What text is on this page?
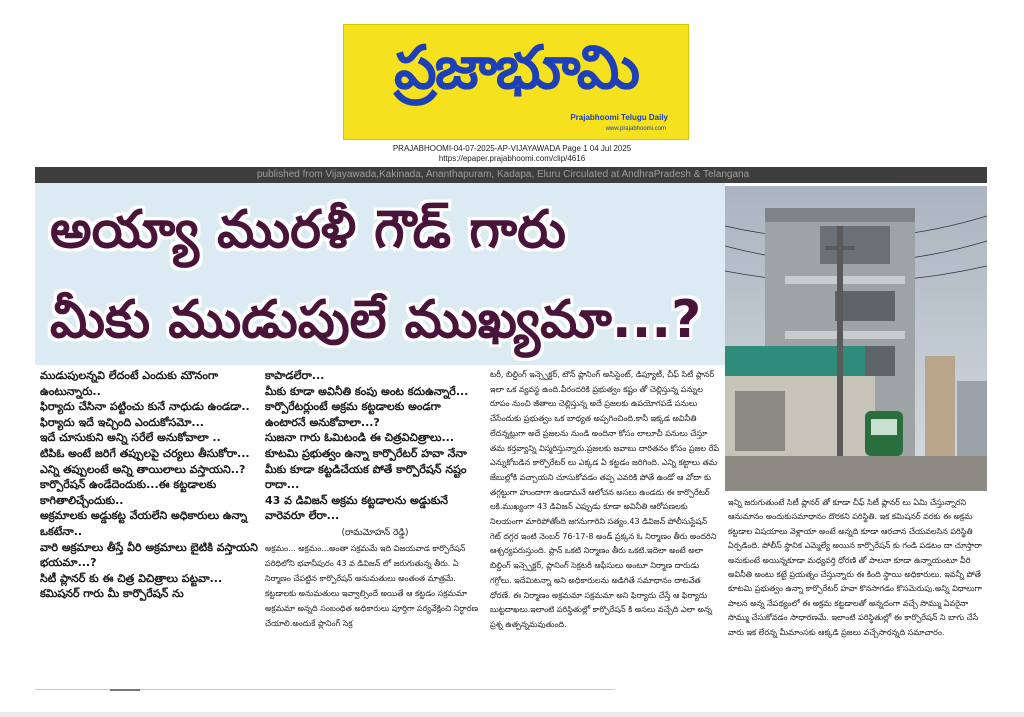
ప్రజాభూమి
Prajabhoomi Telugu Daily
www.prajabhoomi.com
PRAJABHOOMI-04-07-2025-AP-VIJAYAWADA Page 1 04 Jul 2025
https://epaper.prajabhoomi.com/clip/4616
published from Vijayawada,Kakinada, Ananthapuram, Kadapa, Eluru Circulated at AndhraPradesh & Telangana
అయ్యా మురళీ గౌడ్ గారు
మీకు ముడుపులే ముఖ్యమా...?

ముడుపులన్నవి లేదంటే ఎందుకు మౌనంగా ఉంటున్నారు..

ఫిర్యాదు చేసినా పట్టించు కునే నాధుడు ఉండడా..

ఫిర్యాదు ఇదే ఇచ్చింది ఎందుకోసమో...

ఇదే చూసుకుని అన్ని సరేలే అనుకోవాలా ..

టిపిఓ అంటే జరిగే తప్పులపై చర్యలు తీసుకోరా...

ఎన్ని తప్పులంటే అన్ని తాయిలాలు వస్తాయని..?

కార్పొరేషన్ ఉండేదెందుకు...ఈ కట్టడాలకు కాగితాలిచ్చేందుకు..

అక్రమాలకు అడ్డుకట్ట వేయలేని అధికారులు ఉన్నా ఒకటేనా..

వారి అక్రమాలు తీస్తే వీరి అక్రమాలు బైటికి వస్తాయని భయమా...?

సిటీ ప్లానర్ కు ఈ చిత్ర విచిత్రాలు పట్టవా...

కమిషనర్ గారు మీ కార్పొరేషన్ ను

కాపాడలేరా...

మీకు కూడా అవినీతి కంపు అంట కదుఉన్నారే...

కార్పొరేటర్లుంటే అక్రమ కట్టడాలకు అండగా ఉంటారనే అనుకోవాలా...?

సుజనా గారు ఓమిటండి ఈ చిత్రవిచిత్రాలు...

కూటమి ప్రభుత్వం ఉన్నా కార్పొరేటర్ హవా నేనా

మీకు కూడా కట్టడిచేయక పోతే కార్పొరేషన్ నష్టం రాదా...

43 వ డివిజన్ అక్రమ కట్టడాలను అడ్డుకునే వారెవరూ లేరా...

(రామమోహన్ రెడ్డి)

అక్రమం... అక్రమం...అంతా సక్రమమే ఇది విజయవాడ కార్పొరేషన్ పరిధిలోని భవానీపురం 43 వ డివిజన్ లో జరుగుతున్న తీరు. ఏ నిర్మాణం చేపట్టిన కార్పొరేషన్ అనుమతులు అంతంత మాత్రమే. కట్టడాలకు అనుమతులు ఇవ్వాల్సిందే అయితే ఆ కట్టడం సక్రమమా అక్రమమా అన్నది సంబంధిత అధికారులు పూర్తిగా పర్యవేక్షించి నిర్ధారణ చేయాలి.అందుకే ప్లానింగ్ సెక్ర

టరీ, బిల్డింగ్ ఇన్స్పెక్టర్, టౌన్ ప్లానింగ్ అసిస్టెంట్, డిప్యూటీ, చీఫ్ సిటీ ప్లానర్ ఇలా ఒక వ్యవస్థ ఉంది.వీరందరికి ప్రభుత్వం కష్టం తో చెల్లిస్తున్న పన్నుల రూపం నుంచి జీతాలు చెల్లిస్తున్న అదే ప్రజలకు ఉపయోగపడే పనులు చేసేందుకు ప్రభుత్వం ఒక బాధ్యత అప్పగించింది.కానీ ఇక్కడ అవినీతి లేదన్నట్లుగా అదే ప్రజలను నుండి అందినా కోసం లాలూచీ పనులు చేస్తూ తమ కర్తవ్యాన్ని విస్మరిస్తున్నారు.ప్రజలకు జవాబు దారితనం కోసం ప్రజల రేపే ఎన్నుకోబడిన కార్పొరేటర్ లు ఎక్కడ ఏ కట్టడం జరిగింది. ఎన్ని కట్టాలు తమ జేబుల్లోకి వచ్చాయని చూసుకోవడం తప్ప ఎవరికి పోతే ఉండో ఆ వోదా కు తగ్గట్టుగా హుందాగా ఉండామనే ఆలోచన అసలు ఉండదు ఈ కార్పొరేటర్ లకి.ముఖ్యంగా 43 డివిజన్ ఎప్పుడు కూడా అవినీతి ఆరోపణలకు నిలయంగా మారిపోతోంది జగనుగారిని సత్యం.43 డివిజన్ పోలీసుస్టేషన్ గెట్ దగ్గర ఇంటి నెంబర్ 76-17-8 అండ్ ప్రక్కన ఓ నిర్మాణం తీరు అందరిని ఆశ్చర్యపరుస్తుంది. ప్లాన్ ఒకటి నిర్మాణం తీరు ఒకటి.ఇదెలా అంటే అలా బిల్డింగ్ ఇన్స్పెక్టర్, ప్లానింగ్ సెక్రటరీ ఆఫీసులు అంటూ నిర్మాణ దారుడు గగ్గోలు. ఇదేమిటన్నా అని అధికారులను అడిగితే సమాధానం దాటవేత ధోరణే. ఈ నిర్మాణం అక్రమమా సక్రమమా అని ఫిర్యాదు చేస్తే ఆ ఫిర్యాదు బుట్టదాఖలు.ఇలాంటి పరిస్థితుల్లో కార్పొరేషన్ కి అసలు వచ్చేది ఎలా అన్న ప్రశ్న ఉత్పన్నమవుతుంది.

ఇన్ని జరుగుతుంటే సిటీ ప్లానర్ తో కూడా చీఫ్ సిటీ ప్లానర్ లు ఏమి చేస్తున్నారని ఆనుమానం అందుకుసమాధానం దొరకని పరిస్థితి. ఇక కమిషనర్ వరకు ఈ అక్రమ కట్టడాల విషయాలు వెళ్లాయా అంటే అన్నది కూడా ఆరచాన చేయవలసిన పరిస్థితి ఏర్పడింది. పోలీస్ స్థానిక ఎమ్మెల్యే అయిన కార్పొరేషన్ కు గండి పడటం దా చూస్తారా అనుకుంటే అయిన్నకూడా మధ్యవర్తి ధోరణి తో పాలనా కూడా ఉన్నాయంటూ వీరి అవినీతి అంటు కట్టే ప్రయత్నం చేస్తున్నారు ఈ కింది స్థాయి అధికారులు. ఇవన్నీ పోతే కూటమి ప్రభుత్వం ఉన్నా కార్పొరేటర్ హవా కొనసాగడం కొసమెరుపు.అన్ని విధాలుగా పాలన అన్న నేపథ్యంలో ఈ అక్రమ కట్టడాలతో అన్నదంగా వచ్చే సొమ్ము ఏవరైనా సొమ్ము చేసుకోవడం సాధారణమే. ఇలాంటి పరిస్థితుల్లో ఈ కార్పొరేషన్ ని బాగు చేసే వారు ఇక లేరన్న మీమాంసకు ఆక్కడి ప్రజలు వచ్చేసారన్నది సమాచారం.
